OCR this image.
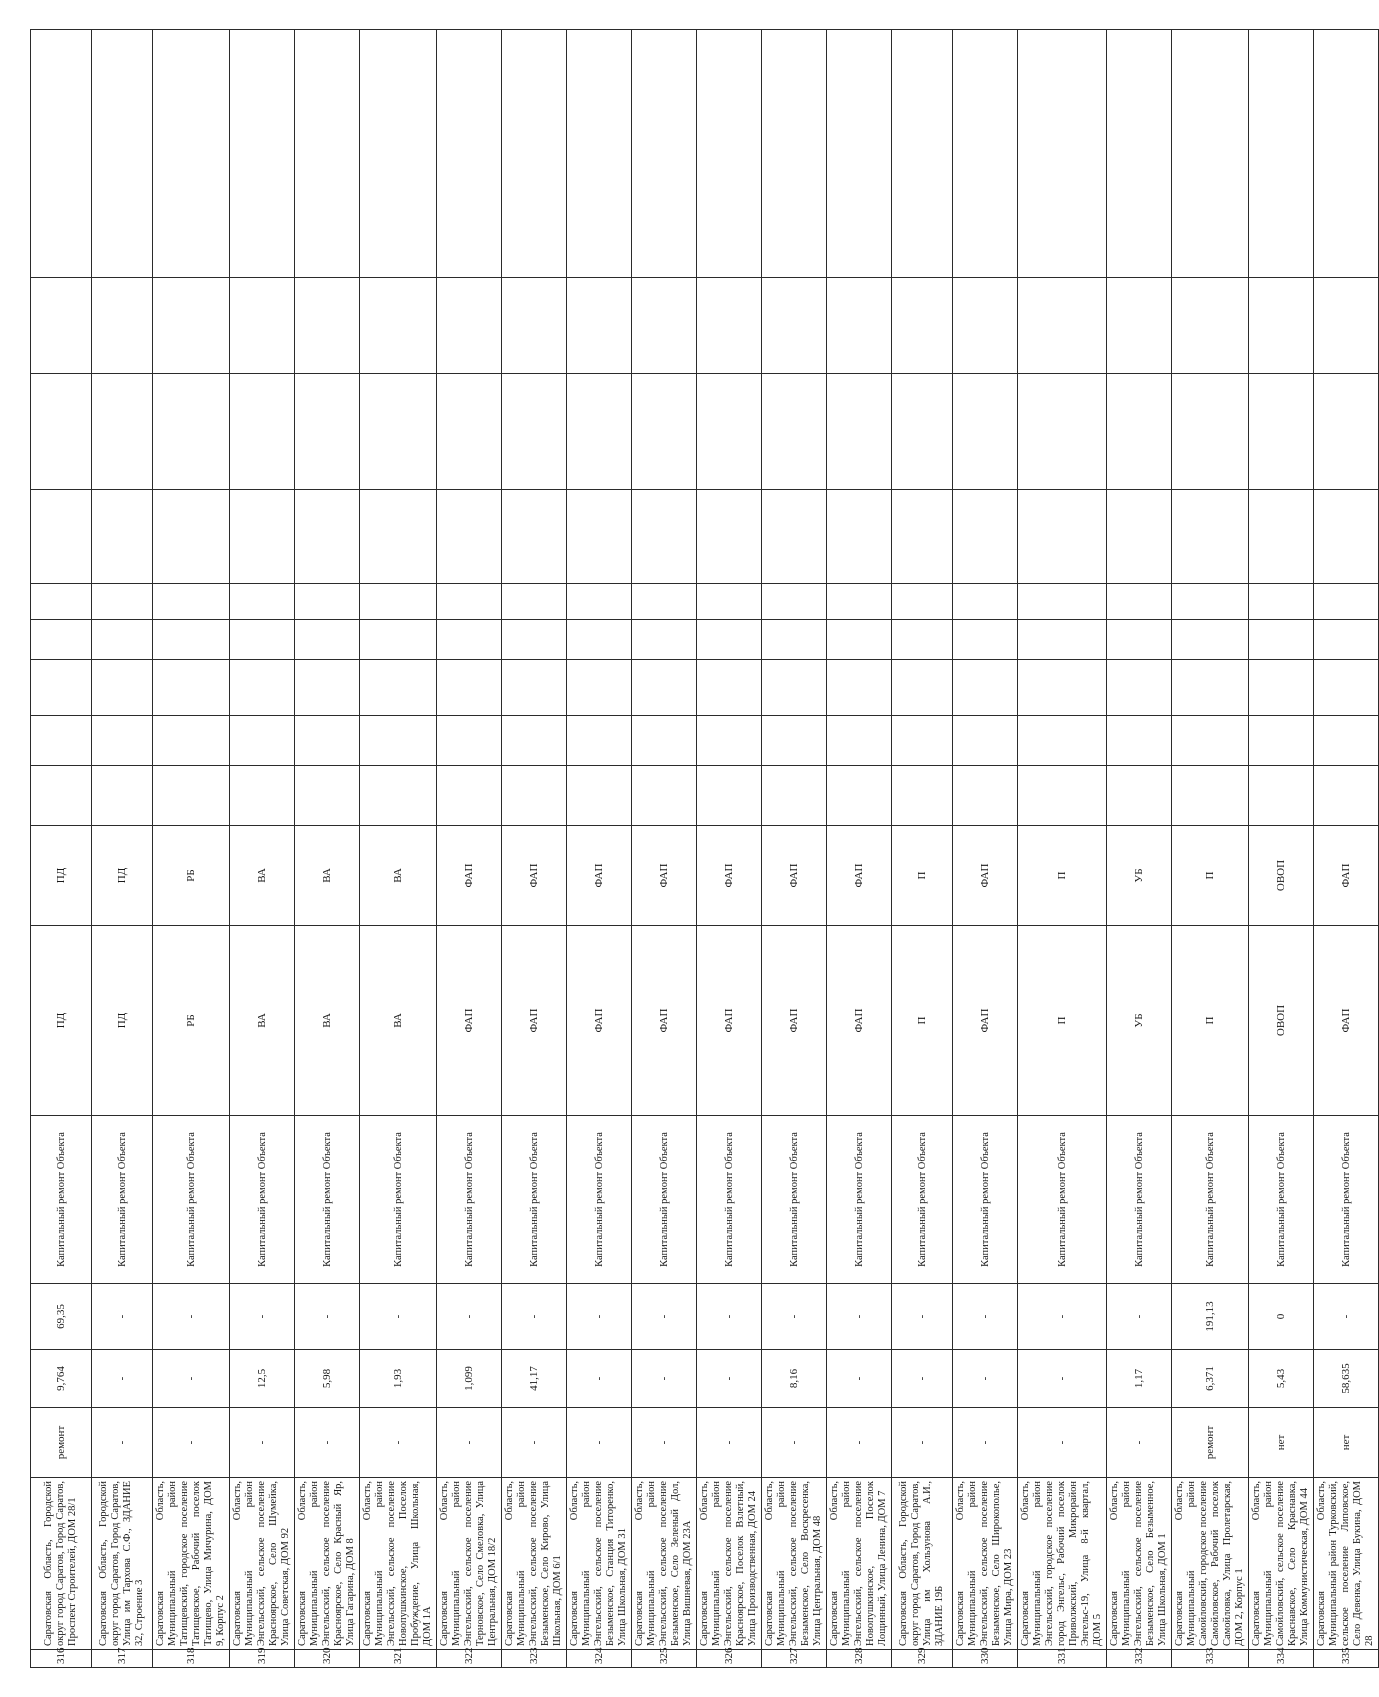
316	Саратовская Область, Городской округ город Саратов, Город Саратов, Проспект Строителей, ДОМ 28/1	ремонт	9,764	69,35	Капитальный ремонт Объекта	ПД	ПД									
317	Саратовская Область, Городской округ город Саратов, Город Саратов, Улица им Тархова С.Ф., ЗДАНИЕ 32, Строение 3	-	-	-	Капитальный ремонт Объекта	ПД	ПД									
318	Саратовская Область, Муниципальный район Татищевский, городское поселение Татищевское, Рабочий поселок Татищево, Улица Мичурина, ДОМ 9, Корпус 2	-	-	-	Капитальный ремонт Объекта	РБ	РБ									
319	Саратовская Область, Муниципальный район Энгельсский, сельское поселение Красноярское, Село Шумейка, Улица Советская, ДОМ 92	-	12,5	-	Капитальный ремонт Объекта	ВА	ВА									
320	Саратовская Область, Муниципальный район Энгельсский, сельское поселение Красноярское, Село Красный Яр, Улица Гагарина, ДОМ 8	-	5,98	-	Капитальный ремонт Объекта	ВА	ВА									
321	Саратовская Область, Муниципальный район Энгельсский, сельское поселение Новопушкинское, Поселок Пробуждение, Улица Школьная, ДОМ 1А	-	1,93	-	Капитальный ремонт Объекта	ВА	ВА									
322	Саратовская Область, Муниципальный район Энгельсский, сельское поселение Терновское, Село Смеловка, Улица Центральная, ДОМ 18/2	-	1,099	-	Капитальный ремонт Объекта	ФАП	ФАП									
323	Саратовская Область, Муниципальный район Энгельсский, сельское поселение Безыменское, Село Кирово, Улица Школьная, ДОМ 6/1	-	41,17	-	Капитальный ремонт Объекта	ФАП	ФАП									
324	Саратовская Область, Муниципальный район Энгельсский, сельское поселение Безыменское, Станция Титоренко, Улица Школьная, ДОМ 31	-	-	-	Капитальный ремонт Объекта	ФАП	ФАП									
325	Саратовская Область, Муниципальный район Энгельсский, сельское поселение Безыменское, Село Зеленый Дол, Улица Вишневая, ДОМ 23А	-	-	-	Капитальный ремонт Объекта	ФАП	ФАП									
326	Саратовская Область, Муниципальный район Энгельсский, сельское поселение Красноярское, Поселок Взлетный, Улица Производственная, ДОМ 24	-	-	-	Капитальный ремонт Объекта	ФАП	ФАП									
327	Саратовская Область, Муниципальный район Энгельсский, сельское поселение Безыменское, Село Воскресенка, Улица Центральная, ДОМ 48	-	8,16	-	Капитальный ремонт Объекта	ФАП	ФАП									
328	Саратовская Область, Муниципальный район Энгельсский, сельское поселение Новопушкинское, Поселок Лощинный, Улица Ленина, ДОМ 7	-	-	-	Капитальный ремонт Объекта	ФАП	ФАП									
329	Саратовская Область, Городской округ город Саратов, Город Саратов, Улица им Хользунова А.И., ЗДАНИЕ 19Б	-	-	-	Капитальный ремонт Объекта	П	П									
330	Саратовская Область, Муниципальный район Энгельсский, сельское поселение Безыменское, Село Широкополье, Улица Мира, ДОМ 23	-	-	-	Капитальный ремонт Объекта	ФАП	ФАП									
331	Саратовская Область, Муниципальный район Энгельсский, городское поселение город Энгельс, Рабочий поселок Приволжский, Микрорайон Энгельс-19, Улица 8-й квартал, ДОМ 5	-	-	-	Капитальный ремонт Объекта	П	П									
332	Саратовская Область, Муниципальный район Энгельсский, сельское поселение Безыменское, Село Безыменное, Улица Школьная, ДОМ 1	-	1,17	-	Капитальный ремонт Объекта	УБ	УБ									
333	Саратовская Область, Муниципальный район Самойловский, городское поселение Самойловское, Рабочий поселок Самойловка, Улица Пролетарская, ДОМ 2, Корпус 1	ремонт	6,371	191,13	Капитальный ремонт Объекта	П	П									
334	Саратовская Область, Муниципальный район Самойловский, сельское поселение Краснавское, Село Краснавка, Улица Коммунистическая, ДОМ 44	нет	5,43	0	Капитальный ремонт Объекта	ОВОП	ОВОП									
335	Саратовская Область, Муниципальный район Турковский, сельское поселение Липовское, Село Девенка, Улица Букина, ДОМ 28	нет	58,635	-	Капитальный ремонт Объекта	ФАП	ФАП									
